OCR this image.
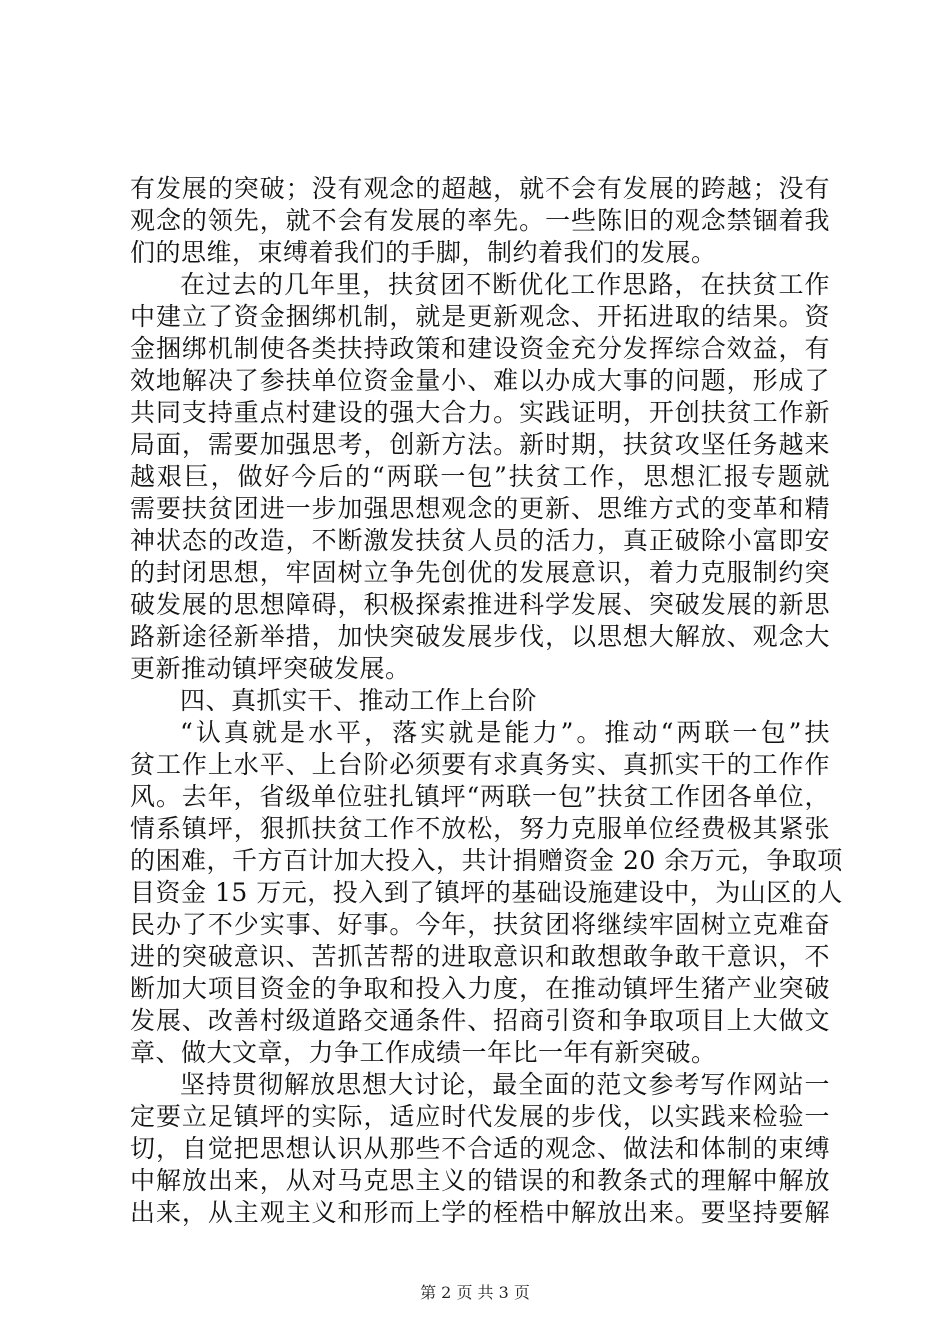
有发展的突破；没有观念的超越，就不会有发展的跨越；没有
观念的领先，就不会有发展的率先。一些陈旧的观念禁锢着我
们的思维，束缚着我们的手脚，制约着我们的发展。
在过去的几年里，扶贫团不断优化工作思路，在扶贫工作
中建立了资金捆绑机制，就是更新观念、开拓进取的结果。资
金捆绑机制使各类扶持政策和建设资金充分发挥综合效益，有
效地解决了参扶单位资金量小、难以办成大事的问题，形成了
共同支持重点村建设的强大合力。实践证明，开创扶贫工作新
局面，需要加强思考，创新方法。新时期，扶贫攻坚任务越来
越艰巨，做好今后的“两联一包”扶贫工作，思想汇报专题就
需要扶贫团进一步加强思想观念的更新、思维方式的变革和精
神状态的改造，不断激发扶贫人员的活力，真正破除小富即安
的封闭思想，牢固树立争先创优的发展意识，着力克服制约突
破发展的思想障碍，积极探索推进科学发展、突破发展的新思
路新途径新举措，加快突破发展步伐，以思想大解放、观念大
更新推动镇坪突破发展。
四、真抓实干、推动工作上台阶
“认真就是水平，落实就是能力”。推动“两联一包”扶
贫工作上水平、上台阶必须要有求真务实、真抓实干的工作作
风。去年，省级单位驻扎镇坪“两联一包”扶贫工作团各单位，
情系镇坪，狠抓扶贫工作不放松，努力克服单位经费极其紧张
的困难，千方百计加大投入，共计捐赠资金 20 余万元，争取项
目资金 15 万元，投入到了镇坪的基础设施建设中，为山区的人
民办了不少实事、好事。今年，扶贫团将继续牢固树立克难奋
进的突破意识、苦抓苦帮的进取意识和敢想敢争敢干意识，不
断加大项目资金的争取和投入力度，在推动镇坪生猪产业突破
发展、改善村级道路交通条件、招商引资和争取项目上大做文
章、做大文章，力争工作成绩一年比一年有新突破。
坚持贯彻解放思想大讨论，最全面的范文参考写作网站一
定要立足镇坪的实际，适应时代发展的步伐，以实践来检验一
切，自觉把思想认识从那些不合适的观念、做法和体制的束缚
中解放出来，从对马克思主义的错误的和教条式的理解中解放
出来，从主观主义和形而上学的桎梏中解放出来。要坚持要解
第 2 页 共 3 页
